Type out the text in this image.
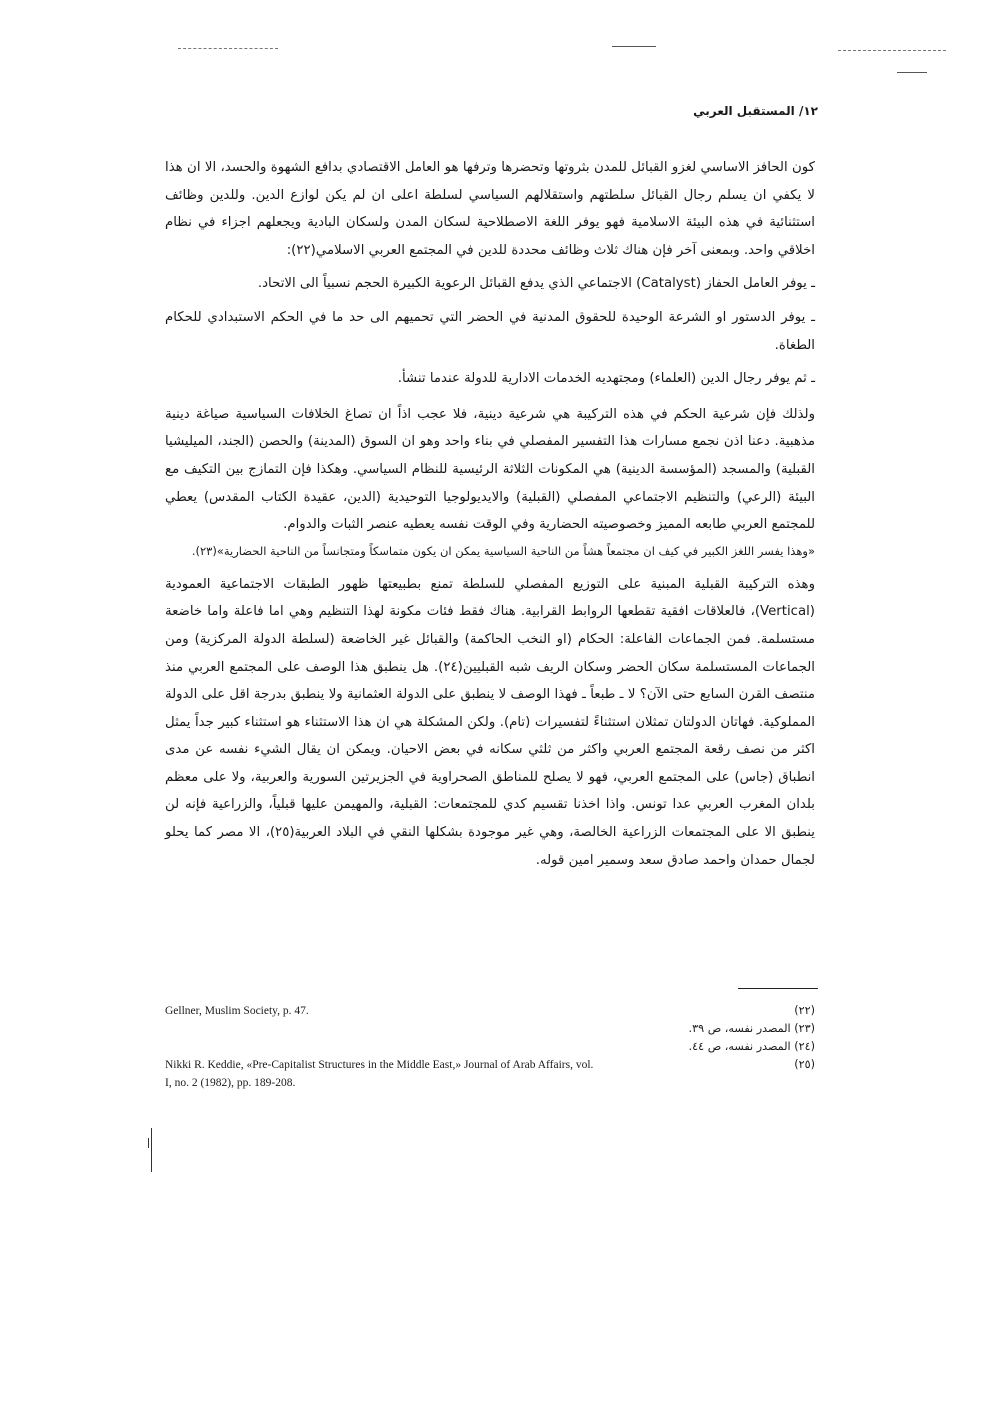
١٢/ المستقبل العربي

كون الحافز الاساسي لغزو القبائل للمدن بثروتها وتحضرها وترفها هو العامل الاقتصادي بدافع الشهوة والحسد، الا ان هذا لا يكفي ان يسلم رجال القبائل سلطتهم واستقلالهم السياسي لسلطة اعلى ان لم يكن لوازع الدين. وللدين وظائف استثنائية في هذه البيئة الاسلامية فهو يوفر اللغة الاصطلاحية لسكان المدن ولسكان البادية ويجعلهم اجزاء في نظام اخلاقي واحد. وبمعنى آخر فإن هناك ثلاث وظائف محددة للدين في المجتمع العربي الاسلامي(٢٢):

ـ يوفر العامل الحفاز (Catalyst) الاجتماعي الذي يدفع القبائل الرعوية الكبيرة الحجم نسبياً الى الاتحاد.

ـ يوفر الدستور او الشرعة الوحيدة للحقوق المدنية في الحضر التي تحميهم الى حد ما في الحكم الاستبدادي للحكام الطغاة.

ـ ثم يوفر رجال الدين (العلماء) ومجتهديه الخدمات الادارية للدولة عندما تنشأ.

ولذلك فإن شرعية الحكم في هذه التركيبة هي شرعية دينية، فلا عجب اذاً ان تصاغ الخلافات السياسية صياغة دينية مذهبية. دعنا اذن نجمع مسارات هذا التفسير المفصلي في بناء واحد وهو ان السوق (المدينة) والحصن (الجند، الميليشيا القبلية) والمسجد (المؤسسة الدينية) هي المكونات الثلاثة الرئيسية للنظام السياسي. وهكذا فإن التمازج بين التكيف مع البيئة (الرعي) والتنظيم الاجتماعي المفصلي (القبلية) والايديولوجيا التوحيدية (الدين، عقيدة الكتاب المقدس) يعطي للمجتمع العربي طابعه المميز وخصوصيته الحضارية وفي الوقت نفسه يعطيه عنصر الثبات والدوام.

«وهذا يفسر اللغز الكبير في كيف ان مجتمعاً هشاً من الناحية السياسية يمكن ان يكون متماسكاً ومتجانساً من الناحية الحضارية»(٢٣).

وهذه التركيبة القبلية المبنية على التوزيع المفصلي للسلطة تمنع بطبيعتها ظهور الطبقات الاجتماعية العمودية (Vertical)، فالعلاقات افقية تقطعها الروابط القرابية. هناك فقط فئات مكونة لهذا التنظيم وهي اما فاعلة واما خاضعة مستسلمة. فمن الجماعات الفاعلة: الحكام (او النخب الحاكمة) والقبائل غير الخاضعة (لسلطة الدولة المركزية) ومن الجماعات المستسلمة سكان الحضر وسكان الريف شبه القبليين(٢٤). هل ينطبق هذا الوصف على المجتمع العربي منذ منتصف القرن السابع حتى الآن؟ لا ـ طبعاً ـ فهذا الوصف لا ينطبق على الدولة العثمانية ولا ينطبق بدرجة اقل على الدولة المملوكية. فهاتان الدولتان تمثلان استثناءً لتفسيرات (تام). ولكن المشكلة هي ان هذا الاستثناء هو استثناء كبير جداً يمثل اكثر من نصف رقعة المجتمع العربي واكثر من ثلثي سكانه في بعض الاحيان. ويمكن ان يقال الشيء نفسه عن مدى انطباق (جاس) على المجتمع العربي، فهو لا يصلح للمناطق الصحراوية في الجزيرتين السورية والعربية، ولا على معظم بلدان المغرب العربي عدا تونس. واذا اخذنا تقسيم كدي للمجتمعات: القبلية، والمهيمن عليها قبلياً، والزراعية فإنه لن ينطبق الا على المجتمعات الزراعية الخالصة، وهي غير موجودة بشكلها النقي في البلاد العربية(٢٥)، الا مصر كما يحلو لجمال حمدان واحمد صادق سعد وسمير امين قوله.

Gellner, Muslim Society, p. 47.	(٢٢)
(٢٣) المصدر نفسه، ص ٣٩.
(٢٤) المصدر نفسه، ص ٤٤.
Nikki R. Keddie, «Pre-Capitalist Structures in the Middle East,» Journal of Arab Affairs, vol.	(٢٥)
I, no. 2 (1982), pp. 189-208.
